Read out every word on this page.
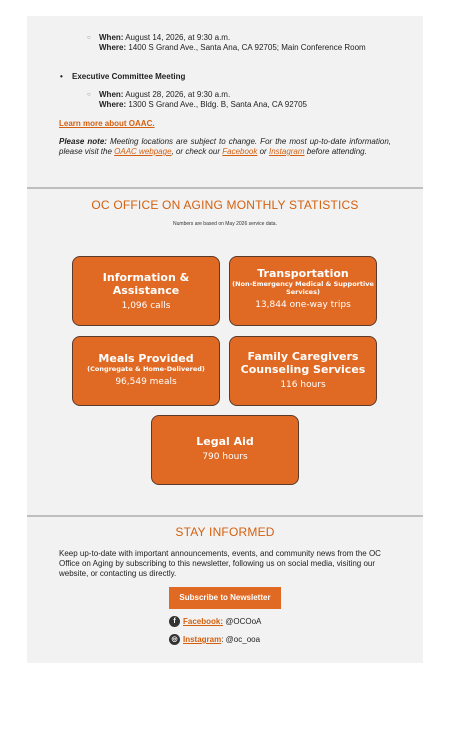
○ When: August 14, 2026, at 9:30 a.m.
Where: 1400 S Grand Ave., Santa Ana, CA 92705; Main Conference Room
• Executive Committee Meeting
○ When: August 28, 2026, at 9:30 a.m.
Where: 1300 S Grand Ave., Bldg. B, Santa Ana, CA 92705
Learn more about OAAC.
Please note: Meeting locations are subject to change. For the most up-to-date information, please visit the OAAC webpage, or check our Facebook or Instagram before attending.
OC OFFICE ON AGING MONTHLY STATISTICS
Numbers are based on May 2026 service data.
Information & Assistance
1,096 calls
Transportation
(Non-Emergency Medical & Supportive Services)
13,844 one-way trips
Meals Provided
(Congregate & Home-Delivered)
96,549 meals
Family Caregivers Counseling Services
116 hours
Legal Aid
790 hours
STAY INFORMED
Keep up-to-date with important announcements, events, and community news from the OC Office on Aging by subscribing to this newsletter, following us on social media, visiting our website, or contacting us directly.
Subscribe to Newsletter
f Facebook: @OCOoA
◎ Instagram: @oc_ooa
